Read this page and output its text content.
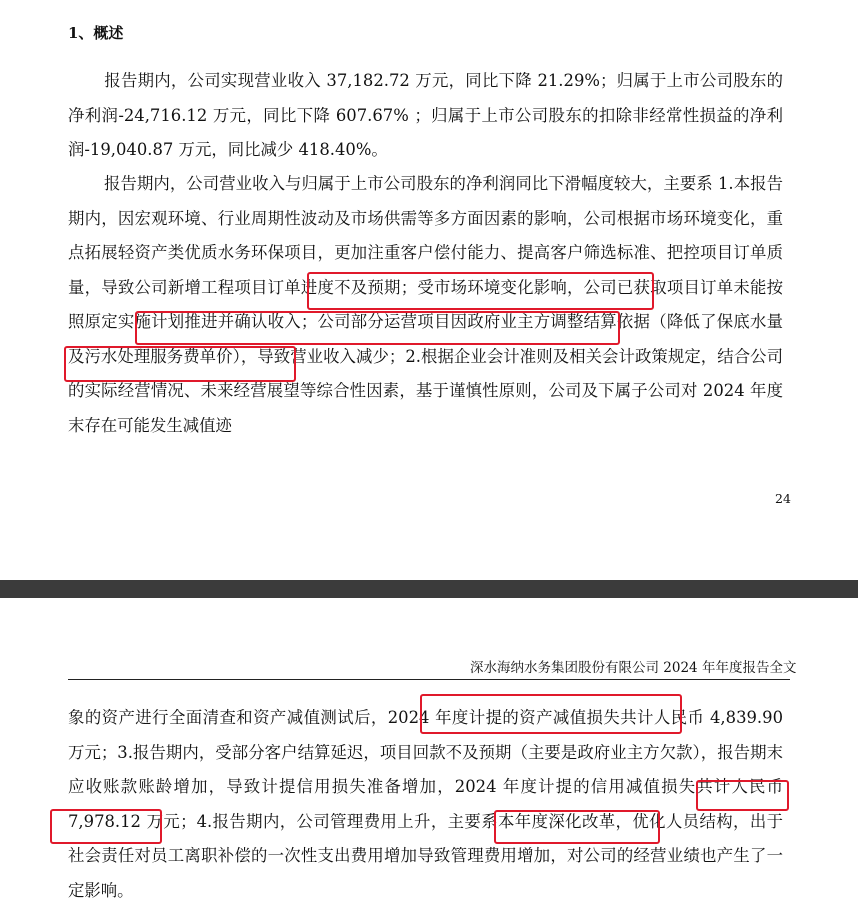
1、概述

报告期内，公司实现营业收入 37,182.72 万元，同比下降 21.29%；归属于上市公司股东的净利润-24,716.12 万元，同比下降 607.67% ；归属于上市公司股东的扣除非经常性损益的净利润-19,040.87 万元，同比减少 418.40%。

报告期内，公司营业收入与归属于上市公司股东的净利润同比下滑幅度较大，主要系 1.本报告期内，因宏观环境、行业周期性波动及市场供需等多方面因素的影响，公司根据市场环境变化，重点拓展轻资产类优质水务环保项目，更加注重客户偿付能力、提高客户筛选标准、把控项目订单质量，导致公司新增工程项目订单进度不及预期；受市场环境变化影响，公司已获取项目订单未能按照原定实施计划推进并确认收入；公司部分运营项目因政府业主方调整结算依据（降低了保底水量及污水处理服务费单价），导致营业收入减少；2.根据企业会计准则及相关会计政策规定，结合公司的实际经营情况、未来经营展望等综合性因素，基于谨慎性原则，公司及下属子公司对 2024 年度末存在可能发生减值迹

24
深水海纳水务集团股份有限公司 2024 年年度报告全文

象的资产进行全面清查和资产减值测试后，2024 年度计提的资产减值损失共计人民币 4,839.90 万元；3.报告期内，受部分客户结算延迟，项目回款不及预期（主要是政府业主方欠款），报告期末应收账款账龄增加，导致计提信用损失准备增加，2024 年度计提的信用减值损失共计人民币 7,978.12 万元；4.报告期内，公司管理费用上升，主要系本年度深化改革，优化人员结构，出于社会责任对员工离职补偿的一次性支出费用增加导致管理费用增加，对公司的经营业绩也产生了一定影响。
